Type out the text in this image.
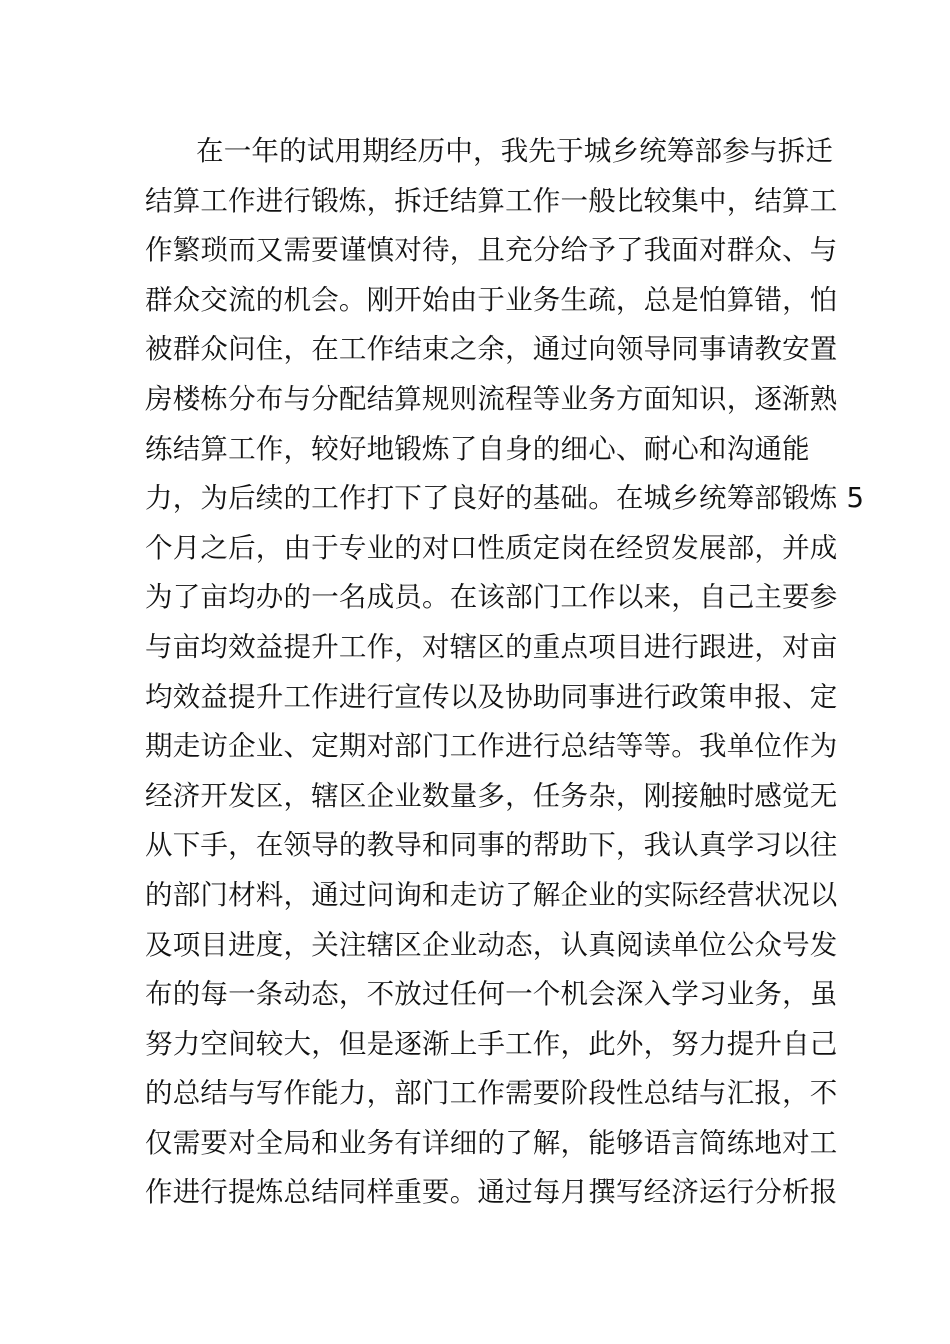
在一年的试用期经历中，我先于城乡统筹部参与拆迁
结算工作进行锻炼，拆迁结算工作一般比较集中，结算工
作繁琐而又需要谨慎对待，且充分给予了我面对群众、与
群众交流的机会。刚开始由于业务生疏，总是怕算错，怕
被群众问住，在工作结束之余，通过向领导同事请教安置
房楼栋分布与分配结算规则流程等业务方面知识，逐渐熟
练结算工作，较好地锻炼了自身的细心、耐心和沟通能
力，为后续的工作打下了良好的基础。在城乡统筹部锻炼 5
个月之后，由于专业的对口性质定岗在经贸发展部，并成
为了亩均办的一名成员。在该部门工作以来，自己主要参
与亩均效益提升工作，对辖区的重点项目进行跟进，对亩
均效益提升工作进行宣传以及协助同事进行政策申报、定
期走访企业、定期对部门工作进行总结等等。我单位作为
经济开发区，辖区企业数量多，任务杂，刚接触时感觉无
从下手，在领导的教导和同事的帮助下，我认真学习以往
的部门材料，通过问询和走访了解企业的实际经营状况以
及项目进度，关注辖区企业动态，认真阅读单位公众号发
布的每一条动态，不放过任何一个机会深入学习业务，虽
努力空间较大，但是逐渐上手工作，此外，努力提升自己
的总结与写作能力，部门工作需要阶段性总结与汇报，不
仅需要对全局和业务有详细的了解，能够语言简练地对工
作进行提炼总结同样重要。通过每月撰写经济运行分析报
